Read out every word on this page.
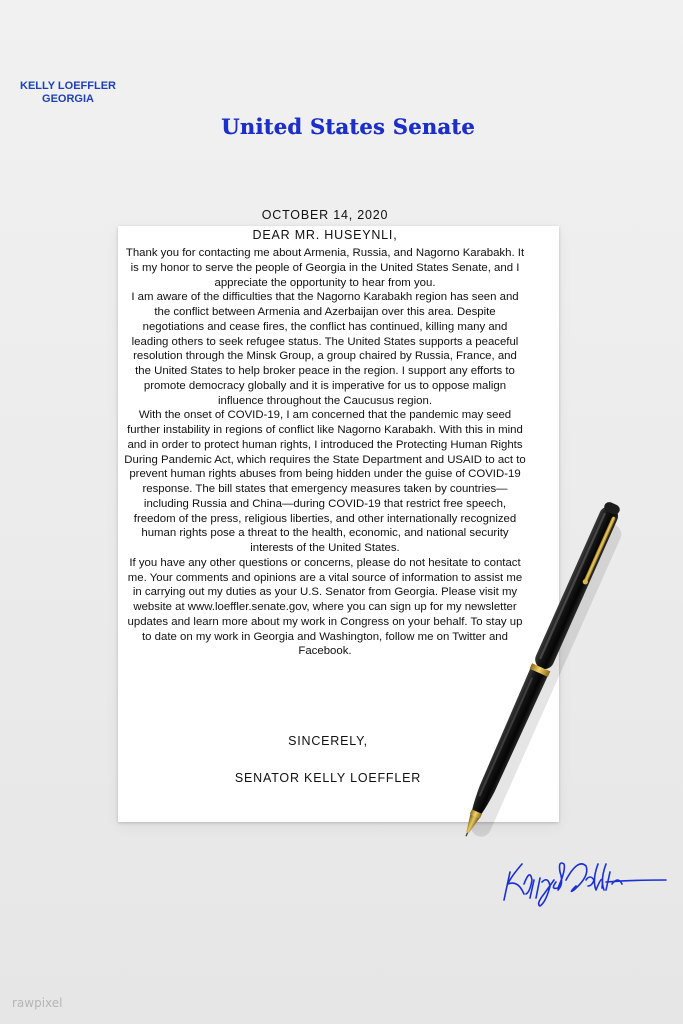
KELLY LOEFFLER
GEORGIA
United States Senate
OCTOBER 14, 2020
DEAR MR. HUSEYNLI,

Thank you for contacting me about Armenia, Russia, and Nagorno Karabakh. It is my honor to serve the people of Georgia in the United States Senate, and I appreciate the opportunity to hear from you.

I am aware of the difficulties that the Nagorno Karabakh region has seen and the conflict between Armenia and Azerbaijan over this area. Despite negotiations and cease fires, the conflict has continued, killing many and leading others to seek refugee status. The United States supports a peaceful resolution through the Minsk Group, a group chaired by Russia, France, and the United States to help broker peace in the region. I support any efforts to promote democracy globally and it is imperative for us to oppose malign influence throughout the Caucusus region.

With the onset of COVID-19, I am concerned that the pandemic may seed further instability in regions of conflict like Nagorno Karabakh. With this in mind and in order to protect human rights, I introduced the Protecting Human Rights During Pandemic Act, which requires the State Department and USAID to act to prevent human rights abuses from being hidden under the guise of COVID-19 response. The bill states that emergency measures taken by countries—including Russia and China—during COVID-19 that restrict free speech, freedom of the press, religious liberties, and other internationally recognized human rights pose a threat to the health, economic, and national security interests of the United States.

If you have any other questions or concerns, please do not hesitate to contact me. Your comments and opinions are a vital source of information to assist me in carrying out my duties as your U.S. Senator from Georgia. Please visit my website at www.loeffler.senate.gov, where you can sign up for my newsletter updates and learn more about my work in Congress on your behalf. To stay up to date on my work in Georgia and Washington, follow me on Twitter and Facebook.

SINCERELY,
SENATOR KELLY LOEFFLER
rawpixel
